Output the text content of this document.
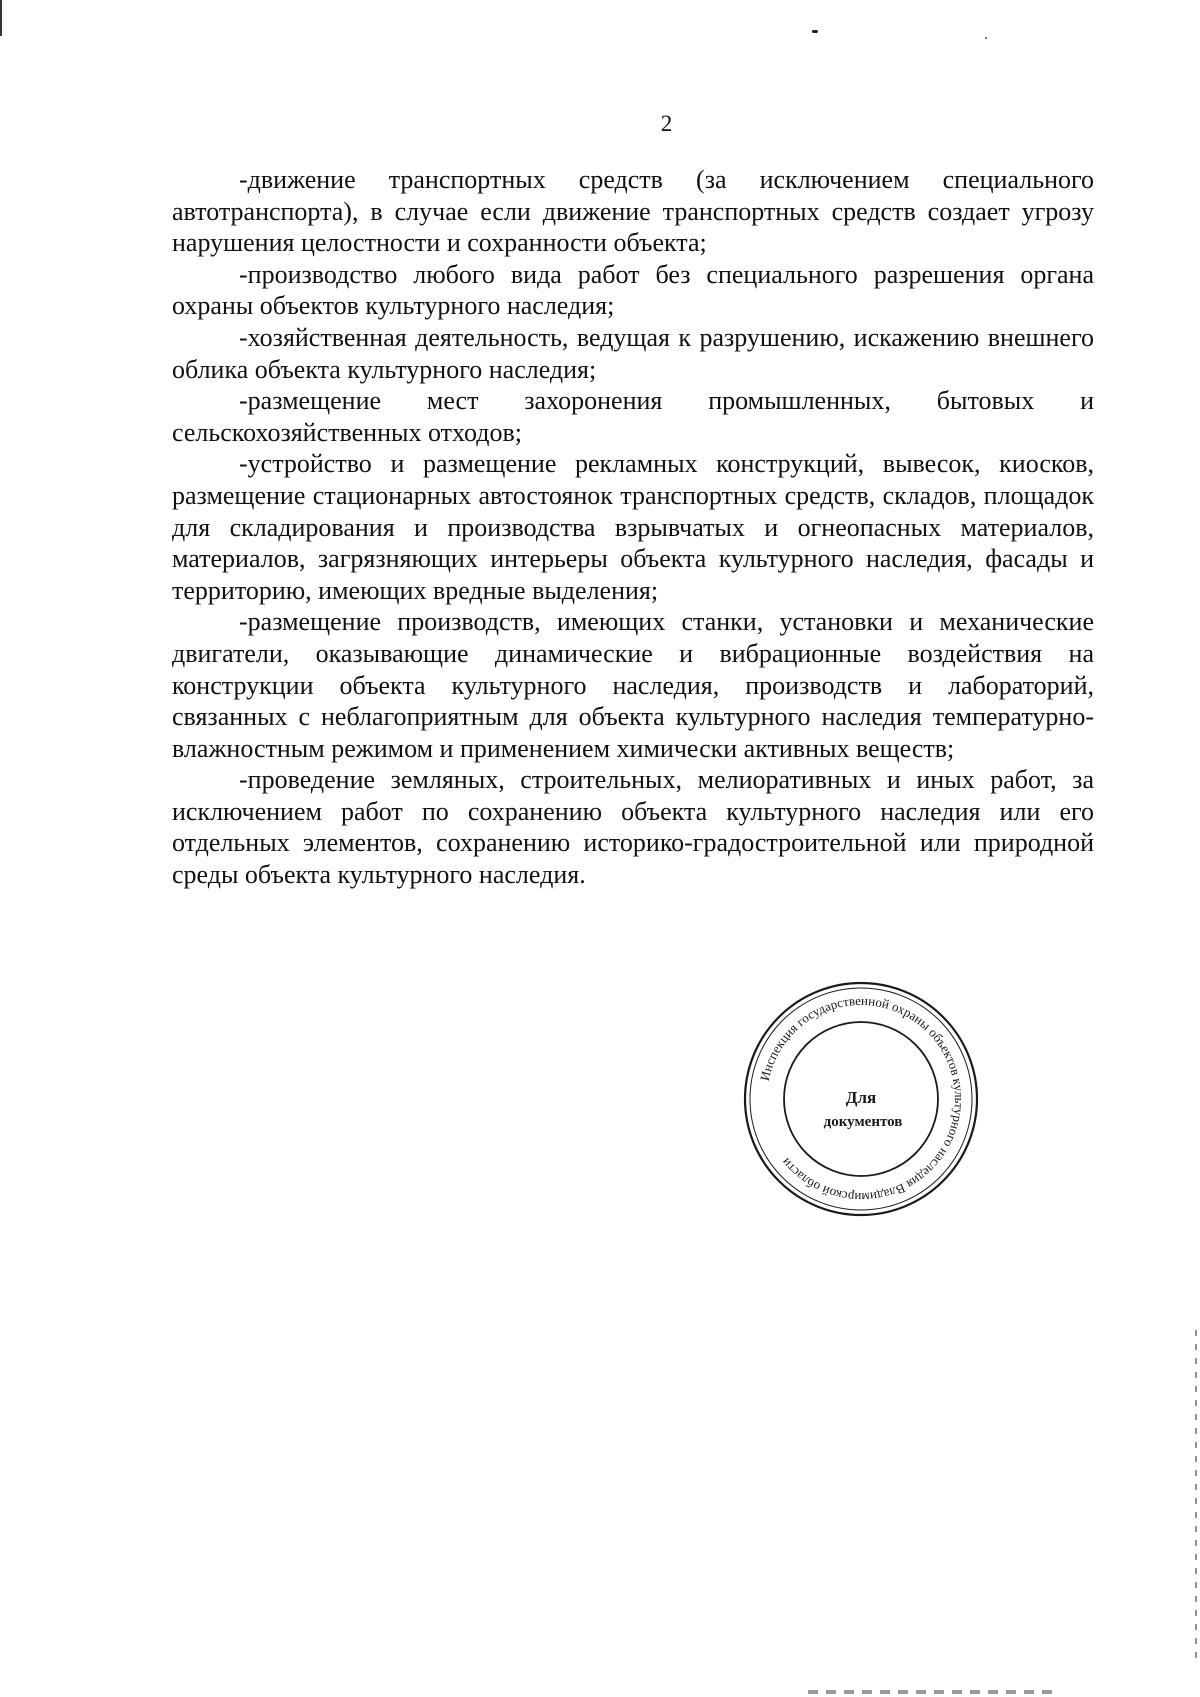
2

-движение транспортных средств (за исключением специального автотранспорта), в случае если движение транспортных средств создает угрозу нарушения целостности и сохранности объекта;

-производство любого вида работ без специального разрешения органа охраны объектов культурного наследия;

-хозяйственная деятельность, ведущая к разрушению, искажению внешнего облика объекта культурного наследия;

-размещение мест захоронения промышленных, бытовых и сельскохозяйственных отходов;

-устройство и размещение рекламных конструкций, вывесок, киосков, размещение стационарных автостоянок транспортных средств, складов, площадок для складирования и производства взрывчатых и огнеопасных материалов, материалов, загрязняющих интерьеры объекта культурного наследия, фасады и территорию, имеющих вредные выделения;

-размещение производств, имеющих станки, установки и механические двигатели, оказывающие динамические и вибрационные воздействия на конструкции объекта культурного наследия, производств и лабораторий, связанных с неблагоприятным для объекта культурного наследия температурно-влажностным режимом и применением химически активных веществ;

-проведение земляных, строительных, мелиоративных и иных работ, за исключением работ по сохранению объекта культурного наследия или его отдельных элементов, сохранению историко-градостроительной или природной среды объекта культурного наследия.

Инспекция государственной охраны объектов культурного наследия Владимирской области
Для
документов
